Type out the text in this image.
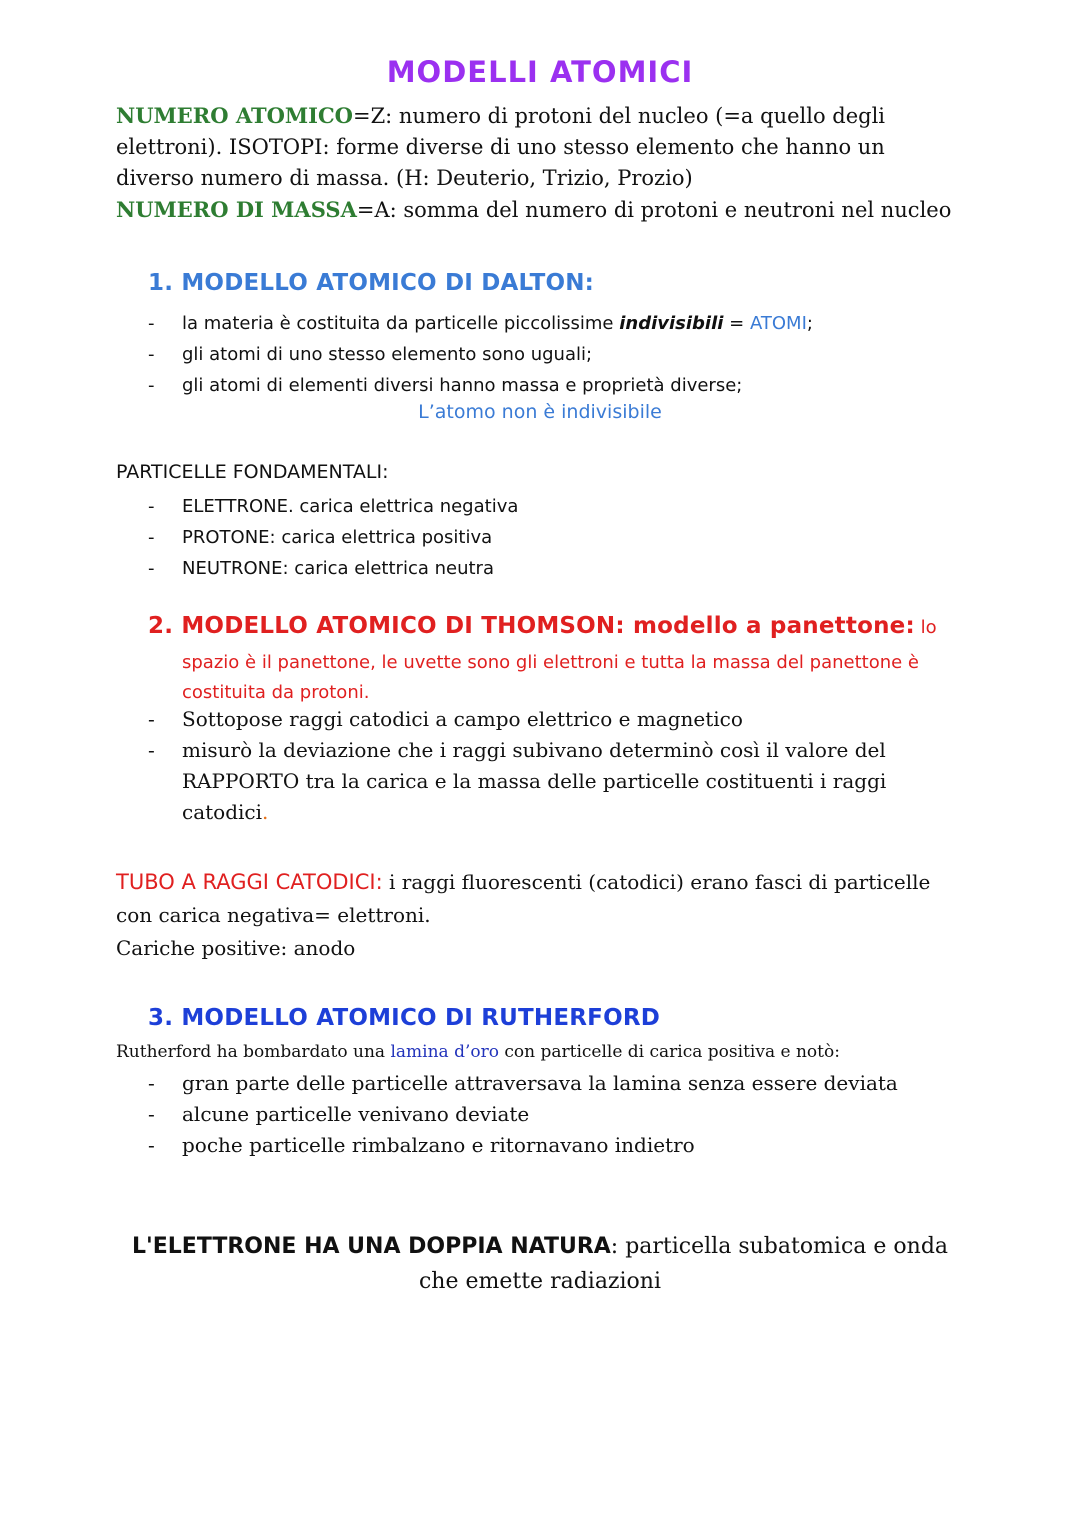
MODELLI ATOMICI

NUMERO ATOMICO=Z: numero di protoni del nucleo (=a quello degli elettroni). ISOTOPI: forme diverse di uno stesso elemento che hanno un diverso numero di massa. (H: Deuterio, Trizio, Prozio)
NUMERO DI MASSA=A: somma del numero di protoni e neutroni nel nucleo

1. MODELLO ATOMICO DI DALTON:
- la materia è costituita da particelle piccolissime indivisibili = ATOMI;
- gli atomi di uno stesso elemento sono uguali;
- gli atomi di elementi diversi hanno massa e proprietà diverse;
L’atomo non è indivisibile
PARTICELLE FONDAMENTALI:
- ELETTRONE. carica elettrica negativa
- PROTONE: carica elettrica positiva
- NEUTRONE: carica elettrica neutra
2. MODELLO ATOMICO DI THOMSON: modello a panettone: lo
spazio è il panettone, le uvette sono gli elettroni e tutta la massa del panettone è costituita da protoni.
- Sottopose raggi catodici a campo elettrico e magnetico
- misurò la deviazione che i raggi subivano determinò così il valore del RAPPORTO tra la carica e la massa delle particelle costituenti i raggi catodici.
TUBO A RAGGI CATODICI: i raggi fluorescenti (catodici) erano fasci di particelle con carica negativa= elettroni.
Cariche positive: anodo
3. MODELLO ATOMICO DI RUTHERFORD
Rutherford ha bombardato una lamina d’oro con particelle di carica positiva e notò:
- gran parte delle particelle attraversava la lamina senza essere deviata
- alcune particelle venivano deviate
- poche particelle rimbalzano e ritornavano indietro
L'ELETTRONE HA UNA DOPPIA NATURA: particella subatomica e onda che emette radiazioni
